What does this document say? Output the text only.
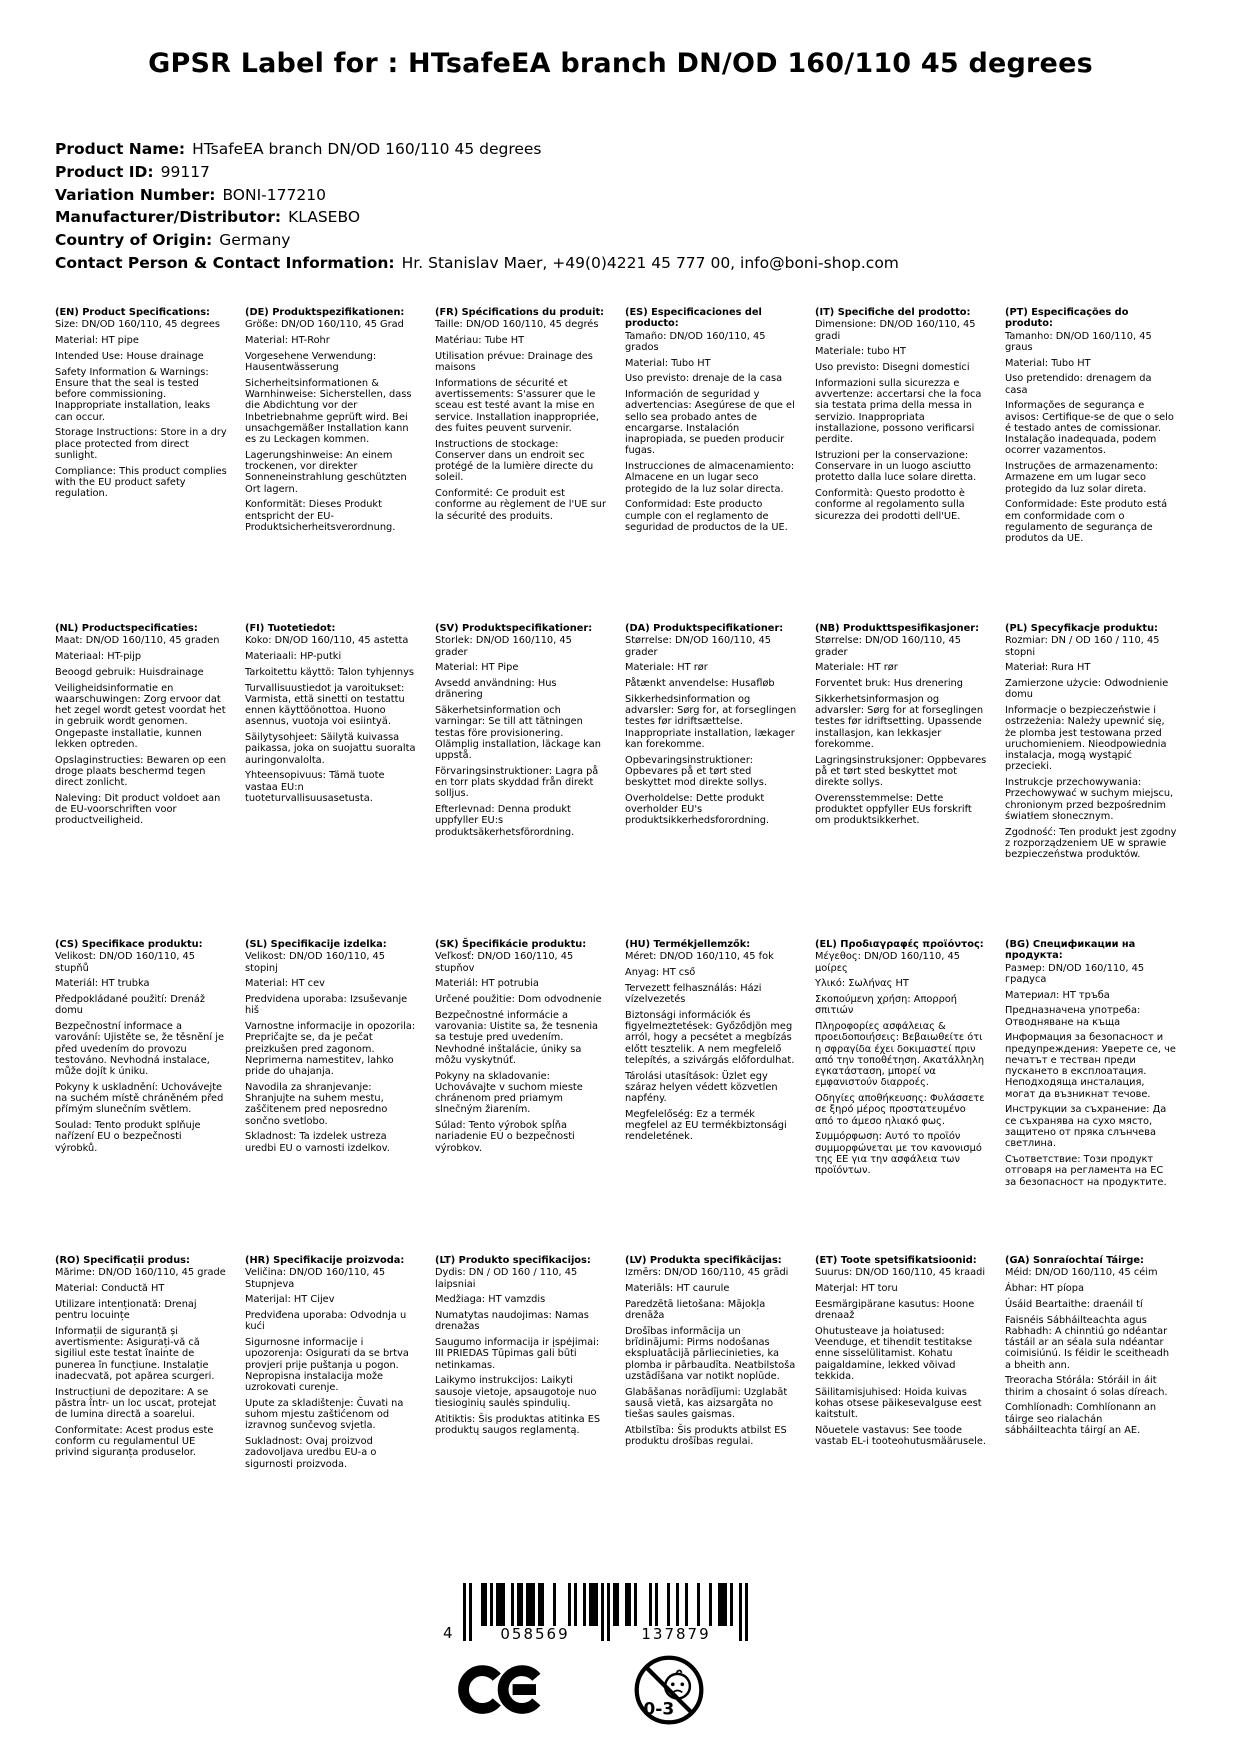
GPSR Label for : HTsafeEA branch DN/OD 160/110 45 degrees
Product Name: HTsafeEA branch DN/OD 160/110 45 degrees
Product ID: 99117
Variation Number: BONI-177210
Manufacturer/Distributor: KLASEBO
Country of Origin: Germany
Contact Person & Contact Information: Hr. Stanislav Maer, +49(0)4221 45 777 00, info@boni-shop.com
(EN) Product Specifications:

Size: DN/OD 160/110, 45 degrees

Material: HT pipe

Intended Use: House drainage

Safety Information & Warnings: Ensure that the seal is tested before commissioning. Inappropriate installation, leaks can occur.

Storage Instructions: Store in a dry place protected from direct sunlight.

Compliance: This product complies with the EU product safety regulation.

(DE) Produktspezifikationen:

Größe: DN/OD 160/110, 45 Grad

Material: HT-Rohr

Vorgesehene Verwendung: Hausentwässerung

Sicherheitsinformationen & Warnhinweise: Sicherstellen, dass die Abdichtung vor der Inbetriebnahme geprüft wird. Bei unsachgemäßer Installation kann es zu Leckagen kommen.

Lagerungshinweise: An einem trockenen, vor direkter Sonneneinstrahlung geschützten Ort lagern.

Konformität: Dieses Produkt entspricht der EU-Produktsicherheitsverordnung.

(FR) Spécifications du produit:

Taille: DN/OD 160/110, 45 degrés

Matériau: Tube HT

Utilisation prévue: Drainage des maisons

Informations de sécurité et avertissements: S'assurer que le sceau est testé avant la mise en service. Installation inappropriée, des fuites peuvent survenir.

Instructions de stockage: Conserver dans un endroit sec protégé de la lumière directe du soleil.

Conformité: Ce produit est conforme au règlement de l'UE sur la sécurité des produits.

(ES) Especificaciones del producto:

Tamaño: DN/OD 160/110, 45 grados

Material: Tubo HT

Uso previsto: drenaje de la casa

Información de seguridad y advertencias: Asegúrese de que el sello sea probado antes de encargarse. Instalación inapropiada, se pueden producir fugas.

Instrucciones de almacenamiento: Almacene en un lugar seco protegido de la luz solar directa.

Conformidad: Este producto cumple con el reglamento de seguridad de productos de la UE.

(IT) Specifiche del prodotto:

Dimensione: DN/OD 160/110, 45 gradi

Materiale: tubo HT

Uso previsto: Disegni domestici

Informazioni sulla sicurezza e avvertenze: accertarsi che la foca sia testata prima della messa in servizio. Inappropriata installazione, possono verificarsi perdite.

Istruzioni per la conservazione: Conservare in un luogo asciutto protetto dalla luce solare diretta.

Conformità: Questo prodotto è conforme al regolamento sulla sicurezza dei prodotti dell'UE.

(PT) Especificações do produto:

Tamanho: DN/OD 160/110, 45 graus

Material: Tubo HT

Uso pretendido: drenagem da casa

Informações de segurança e avisos: Certifique-se de que o selo é testado antes de comissionar. Instalação inadequada, podem ocorrer vazamentos.

Instruções de armazenamento: Armazene em um lugar seco protegido da luz solar direta.

Conformidade: Este produto está em conformidade com o regulamento de segurança de produtos da UE.

(NL) Productspecificaties:

Maat: DN/OD 160/110, 45 graden

Materiaal: HT-pijp

Beoogd gebruik: Huisdrainage

Veiligheidsinformatie en waarschuwingen: Zorg ervoor dat het zegel wordt getest voordat het in gebruik wordt genomen. Ongepaste installatie, kunnen lekken optreden.

Opslaginstructies: Bewaren op een droge plaats beschermd tegen direct zonlicht.

Naleving: Dit product voldoet aan de EU-voorschriften voor productveiligheid.

(FI) Tuotetiedot:

Koko: DN/OD 160/110, 45 astetta

Materiaali: HP-putki

Tarkoitettu käyttö: Talon tyhjennys

Turvallisuustiedot ja varoitukset: Varmista, että sinetti on testattu ennen käyttöönottoa. Huono asennus, vuotoja voi esiintyä.

Säilytysohjeet: Säilytä kuivassa paikassa, joka on suojattu suoralta auringonvalolta.

Yhteensopivuus: Tämä tuote vastaa EU:n tuoteturvallisuusasetusta.

(SV) Produktspecifikationer:

Storlek: DN/OD 160/110, 45 grader

Material: HT Pipe

Avsedd användning: Hus dränering

Säkerhetsinformation och varningar: Se till att tätningen testas före provisionering. Olämplig installation, läckage kan uppstå.

Förvaringsinstruktioner: Lagra på en torr plats skyddad från direkt solljus.

Efterlevnad: Denna produkt uppfyller EU:s produktsäkerhetsförordning.

(DA) Produktspecifikationer:

Størrelse: DN/OD 160/110, 45 grader

Materiale: HT rør

Påtænkt anvendelse: Husafløb

Sikkerhedsinformation og advarsler: Sørg for, at forseglingen testes før idriftsættelse. Inappropriate installation, lækager kan forekomme.

Opbevaringsinstruktioner: Opbevares på et tørt sted beskyttet mod direkte sollys.

Overholdelse: Dette produkt overholder EU's produktsikkerhedsforordning.

(NB) Produkttspesifikasjoner:

Størrelse: DN/OD 160/110, 45 grader

Materiale: HT rør

Forventet bruk: Hus drenering

Sikkerhetsinformasjon og advarsler: Sørg for at forseglingen testes før idriftsetting. Upassende installasjon, kan lekkasjer forekomme.

Lagringsinstruksjoner: Oppbevares på et tørt sted beskyttet mot direkte sollys.

Overensstemmelse: Dette produktet oppfyller EUs forskrift om produktsikkerhet.

(PL) Specyfikacje produktu:

Rozmiar: DN / OD 160 / 110, 45 stopni

Materiał: Rura HT

Zamierzone użycie: Odwodnienie domu

Informacje o bezpieczeństwie i ostrzeżenia: Należy upewnić się, że plomba jest testowana przed uruchomieniem. Nieodpowiednia instalacja, mogą wystąpić przecieki.

Instrukcje przechowywania: Przechowywać w suchym miejscu, chronionym przed bezpośrednim światłem słonecznym.

Zgodność: Ten produkt jest zgodny z rozporządzeniem UE w sprawie bezpieczeństwa produktów.

(CS) Specifikace produktu:

Velikost: DN/OD 160/110, 45 stupňů

Materiál: HT trubka

Předpokládané použití: Drenáž domu

Bezpečnostní informace a varování: Ujistěte se, že těsnění je před uvedením do provozu testováno. Nevhodná instalace, může dojít k úniku.

Pokyny k uskladnění: Uchovávejte na suchém místě chráněném před přímým slunečním světlem.

Soulad: Tento produkt splňuje nařízení EU o bezpečnosti výrobků.

(SL) Specifikacije izdelka:

Velikost: DN/OD 160/110, 45 stopinj

Material: HT cev

Predvidena uporaba: Izsuševanje hiš

Varnostne informacije in opozorila: Prepričajte se, da je pečat preizkušen pred zagonom. Neprimerna namestitev, lahko pride do uhajanja.

Navodila za shranjevanje: Shranjujte na suhem mestu, zaščitenem pred neposredno sončno svetlobo.

Skladnost: Ta izdelek ustreza uredbi EU o varnosti izdelkov.

(SK) Špecifikácie produktu:

Veľkosť: DN/OD 160/110, 45 stupňov

Materiál: HT potrubia

Určené použitie: Dom odvodnenie

Bezpečnostné informácie a varovania: Uistite sa, že tesnenia sa testuje pred uvedením. Nevhodné inštalácie, úniky sa môžu vyskytnúť.

Pokyny na skladovanie: Uchovávajte v suchom mieste chránenom pred priamym slnečným žiarením.

Súlad: Tento výrobok spĺňa nariadenie EÚ o bezpečnosti výrobkov.

(HU) Termékjellemzők:

Méret: DN/OD 160/110, 45 fok

Anyag: HT cső

Tervezett felhasználás: Házi vízelvezetés

Biztonsági információk és figyelmeztetések: Győződjön meg arról, hogy a pecsétet a megbízás előtt tesztelik. A nem megfelelő telepítés, a szivárgás előfordulhat.

Tárolási utasítások: Üzlet egy száraz helyen védett közvetlen napfény.

Megfelelőség: Ez a termék megfelel az EU termékbiztonsági rendeletének.

(EL) Προδιαγραφές προϊόντος:

Μέγεθος: DN/OD 160/110, 45 μοίρες

Υλικό: Σωλήνας HT

Σκοπούμενη χρήση: Απορροή σπιτιών

Πληροφορίες ασφάλειας & προειδοποιήσεις: Βεβαιωθείτε ότι η σφραγίδα έχει δοκιμαστεί πριν από την τοποθέτηση. Ακατάλληλη εγκατάσταση, μπορεί να εμφανιστούν διαρροές.

Οδηγίες αποθήκευσης: Φυλάσσετε σε ξηρό μέρος προστατευμένο από το άμεσο ηλιακό φως.

Συμμόρφωση: Αυτό το προϊόν συμμορφώνεται με τον κανονισμό της ΕΕ για την ασφάλεια των προϊόντων.

(BG) Спецификации на продукта:

Размер: DN/OD 160/110, 45 градуса

Материал: HT тръба

Предназначена употреба: Отводняване на къща

Информация за безопасност и предупреждения: Уверете се, че печатът е тестван преди пускането в експлоатация. Неподходяща инсталация, могат да възникнат течове.

Инструкции за съхранение: Да се съхранява на сухо място, защитено от пряка слънчева светлина.

Съответствие: Този продукт отговаря на регламента на ЕС за безопасност на продуктите.

(RO) Specificații produs:

Mărime: DN/OD 160/110, 45 grade

Material: Conductă HT

Utilizare intenționată: Drenaj pentru locuințe

Informații de siguranță și avertismente: Asigurați-vă că sigiliul este testat înainte de punerea în funcțiune. Instalație inadecvată, pot apărea scurgeri.

Instrucțiuni de depozitare: A se păstra într- un loc uscat, protejat de lumina directă a soarelui.

Conformitate: Acest produs este conform cu regulamentul UE privind siguranța produselor.

(HR) Specifikacije proizvoda:

Veličina: DN/OD 160/110, 45 Stupnjeva

Materijal: HT Cijev

Predviđena uporaba: Odvodnja u kući

Sigurnosne informacije i upozorenja: Osigurati da se brtva provjeri prije puštanja u pogon. Nepropisna instalacija može uzrokovati curenje.

Upute za skladištenje: Čuvati na suhom mjestu zaštićenom od izravnog sunčevog svjetla.

Sukladnost: Ovaj proizvod zadovoljava uredbu EU-a o sigurnosti proizvoda.

(LT) Produkto specifikacijos:

Dydis: DN / OD 160 / 110, 45 laipsniai

Medžiaga: HT vamzdis

Numatytas naudojimas: Namas drenažas

Saugumo informacija ir įspėjimai: III PRIEDAS Tūpimas gali būti netinkamas.

Laikymo instrukcijos: Laikyti sausoje vietoje, apsaugotoje nuo tiesioginių saulės spindulių.

Atitiktis: Šis produktas atitinka ES produktų saugos reglamentą.

(LV) Produkta specifikācijas:

Izmērs: DN/OD 160/110, 45 grādi

Materiāls: HT caurule

Paredzētā lietošana: Mājokļa drenāža

Drošības informācija un brīdinājumi: Pirms nodošanas ekspluatācijā pārliecinieties, ka plomba ir pārbaudīta. Neatbilstoša uzstādīšana var notikt noplūde.

Glabāšanas norādījumi: Uzglabāt sausā vietā, kas aizsargāta no tiešas saules gaismas.

Atbilstība: Šis produkts atbilst ES produktu drošības regulai.

(ET) Toote spetsifikatsioonid:

Suurus: DN/OD 160/110, 45 kraadi

Materjal: HT toru

Eesmärgipärane kasutus: Hoone drenaaž

Ohutusteave ja hoiatused: Veenduge, et tihendit testitakse enne sisselülitamist. Kohatu paigaldamine, lekked võivad tekkida.

Säilitamisjuhised: Hoida kuivas kohas otsese päikesevalguse eest kaitstult.

Nõuetele vastavus: See toode vastab EL-i tooteohutusmäärusele.

(GA) Sonraíochtaí Táirge:

Méid: DN/OD 160/110, 45 céim

Ábhar: HT píopa

Úsáid Beartaithe: draenáil tí

Faisnéis Sábháilteachta agus Rabhadh: A chinntiú go ndéantar tástáil ar an séala sula ndéantar coimisiúnú. Is féidir le sceitheadh a bheith ann.

Treoracha Stórála: Stóráil in áit thirim a chosaint ó solas díreach.

Comhlíonadh: Comhlíonann an táirge seo rialachán sábháilteachta táirgí an AE.

4	058569	137879
0-3
